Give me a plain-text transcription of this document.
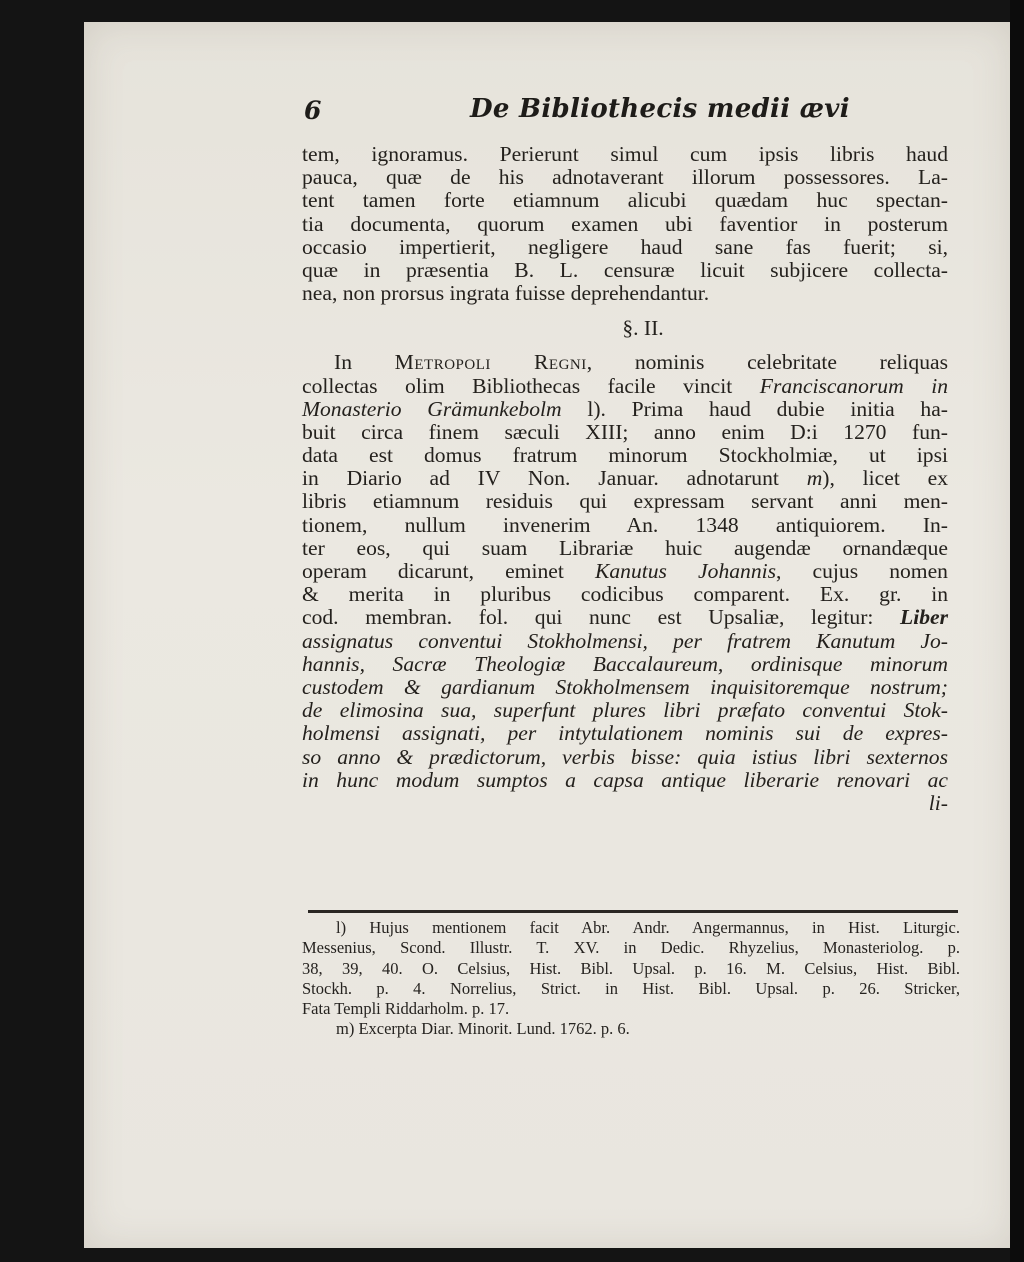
6	De Bibliothecis medii ævi
tem, ignoramus. Perierunt simul cum ipsis libris haud
pauca, quæ de his adnotaverant illorum possessores. La-
tent tamen forte etiamnum alicubi quædam huc spectan-
tia documenta, quorum examen ubi faventior in posterum
occasio impertierit, negligere haud sane fas fuerit; si,
quæ in præsentia B. L. censuræ licuit subjicere collecta-
nea, non prorsus ingrata fuisse deprehendantur.
§. II.
In Metropoli Regni, nominis celebritate reliquas
collectas olim Bibliothecas facile vincit Franciscanorum in
Monasterio Grämunkebolm l). Prima haud dubie initia ha-
buit circa finem sæculi XIII; anno enim D:i 1270 fun-
data est domus fratrum minorum Stockholmiæ, ut ipsi
in Diario ad IV Non. Januar. adnotarunt m), licet ex
libris etiamnum residuis qui expressam servant anni men-
tionem, nullum invenerim An. 1348 antiquiorem. In-
ter eos, qui suam Librariæ huic augendæ ornandæque
operam dicarunt, eminet Kanutus Johannis, cujus nomen
& merita in pluribus codicibus comparent. Ex. gr. in
cod. membran. fol. qui nunc est Upsaliæ, legitur: Liber
assignatus conventui Stokholmensi, per fratrem Kanutum Jo-
hannis, Sacræ Theologiæ Baccalaureum, ordinisque minorum
custodem & gardianum Stokholmensem inquisitoremque nostrum;
de elimosina sua, superfunt plures libri præfato conventui Stok-
holmensi assignati, per intytulationem nominis sui de expres-
so anno & prædictorum, verbis bisse: quia istius libri sexternos
in hunc modum sumptos a capsa antique liberarie renovari ac
li-
l) Hujus mentionem facit Abr. Andr. Angermannus, in Hist. Liturgic.
Messenius, Scond. Illustr. T. XV. in Dedic. Rhyzelius, Monasteriolog. p.
38, 39, 40. O. Celsius, Hist. Bibl. Upsal. p. 16. M. Celsius, Hist. Bibl.
Stockh. p. 4. Norrelius, Strict. in Hist. Bibl. Upsal. p. 26. Stricker,
Fata Templi Riddarholm. p. 17.
m) Excerpta Diar. Minorit. Lund. 1762. p. 6.
